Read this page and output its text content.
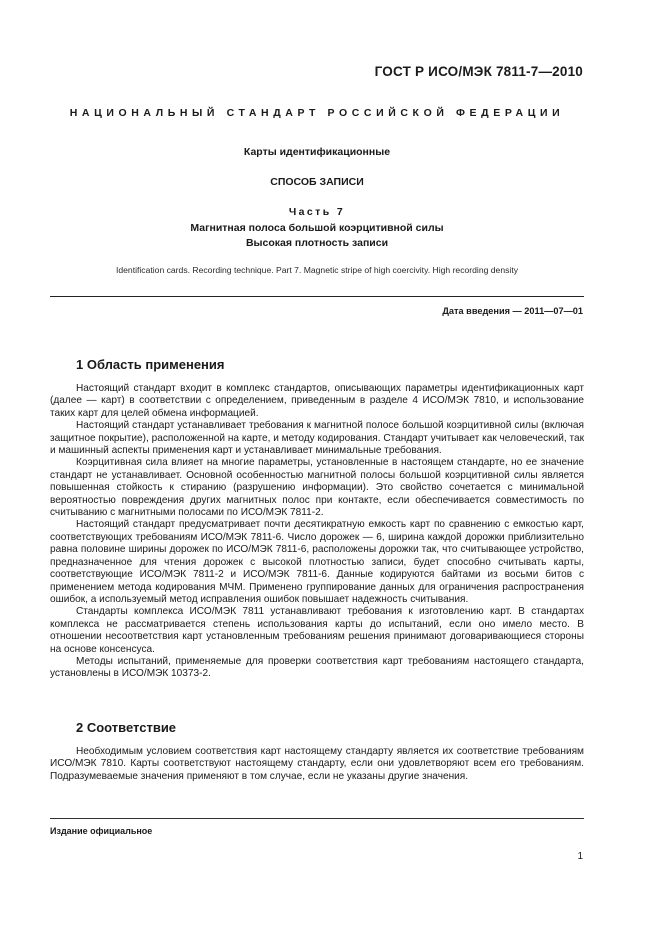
ГОСТ Р ИСО/МЭК 7811-7—2010
НАЦИОНАЛЬНЫЙ СТАНДАРТ РОССИЙСКОЙ ФЕДЕРАЦИИ
Карты идентификационные
СПОСОБ ЗАПИСИ
Часть 7
Магнитная полоса большой коэрцитивной силы
Высокая плотность записи
Identification cards. Recording technique. Part 7. Magnetic stripe of high coercivity. High recording density
Дата введения — 2011—07—01
1 Область применения

Настоящий стандарт входит в комплекс стандартов, описывающих параметры идентификационных карт (далее — карт) в соответствии с определением, приведенным в разделе 4 ИСО/МЭК 7810, и использование таких карт для целей обмена информацией.

Настоящий стандарт устанавливает требования к магнитной полосе большой коэрцитивной силы (включая защитное покрытие), расположенной на карте, и методу кодирования. Стандарт учитывает как человеческий, так и машинный аспекты применения карт и устанавливает минимальные требования.

Коэрцитивная сила влияет на многие параметры, установленные в настоящем стандарте, но ее значение стандарт не устанавливает. Основной особенностью магнитной полосы большой коэрцитивной силы является повышенная стойкость к стиранию (разрушению информации). Это свойство сочетается с минимальной вероятностью повреждения других магнитных полос при контакте, если обеспечивается совместимость по считыванию с магнитными полосами по ИСО/МЭК 7811-2.

Настоящий стандарт предусматривает почти десятикратную емкость карт по сравнению с емкостью карт, соответствующих требованиям ИСО/МЭК 7811-6. Число дорожек — 6, ширина каждой дорожки приблизительно равна половине ширины дорожек по ИСО/МЭК 7811-6, расположены дорожки так, что считывающее устройство, предназначенное для чтения дорожек с высокой плотностью записи, будет способно считывать карты, соответствующие ИСО/МЭК 7811-2 и ИСО/МЭК 7811-6. Данные кодируются байтами из восьми битов с применением метода кодирования МЧМ. Применено группирование данных для ограничения распространения ошибок, а используемый метод исправления ошибок повышает надежность считывания.

Стандарты комплекса ИСО/МЭК 7811 устанавливают требования к изготовлению карт. В стандартах комплекса не рассматривается степень использования карты до испытаний, если оно имело место. В отношении несоответствия карт установленным требованиям решения принимают договаривающиеся стороны на основе консенсуса.

Методы испытаний, применяемые для проверки соответствия карт требованиям настоящего стандарта, установлены в ИСО/МЭК 10373-2.

2 Соответствие

Необходимым условием соответствия карт настоящему стандарту является их соответствие требованиям ИСО/МЭК 7810. Карты соответствуют настоящему стандарту, если они удовлетворяют всем его требованиям. Подразумеваемые значения применяют в том случае, если не указаны другие значения.

Издание официальное
1
